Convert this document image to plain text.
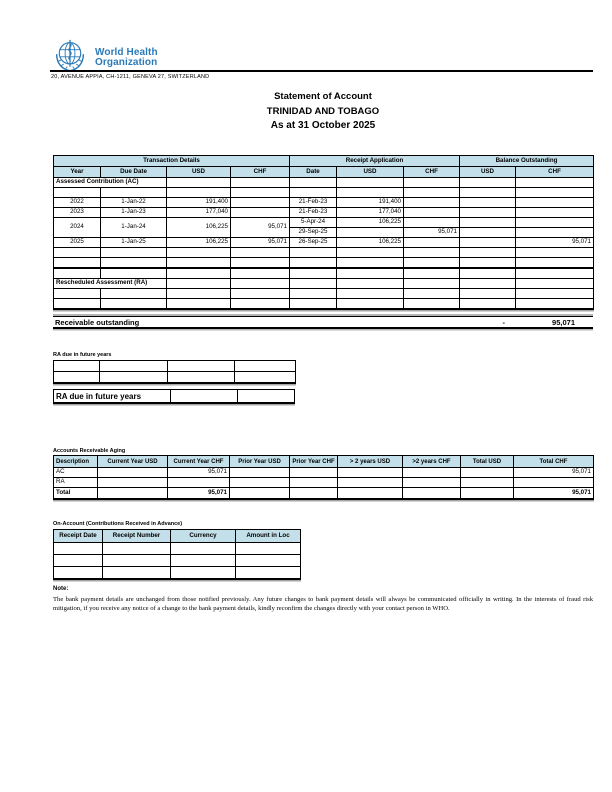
World Health
Organization
20, AVENUE APPIA, CH-1211, GENEVA 27, SWITZERLAND
Statement of Account
TRINIDAD AND TOBAGO
As at 31 October 2025
Transaction Details				Receipt Application			Balance Outstanding	
Year	Due Date	USD	CHF	Date	USD	CHF	USD	CHF
Assessed Contribution (AC)								

2022	1-Jan-22	191,400		21-Feb-23	191,400			
2023	1-Jan-23	177,040		21-Feb-23	177,040			
2024	1-Jan-24	106,225	95,071	5-Apr-24	106,225			
				29-Sep-25		95,071		
2025	1-Jan-25	106,225	95,071	26-Sep-25	106,225			95,071

Rescheduled Assessment (RA)								

Receivable outstanding	-	95,071
RA due in future years

RA due in future years
Accounts Receivable Aging
Description	Current Year USD	Current Year CHF	Prior Year USD	Prior Year CHF	> 2 years USD	>2 years CHF	Total USD	Total CHF
AC		95,071						95,071
RA								
Total		95,071						95,071
On-Account (Contributions Received in Advance)
Receipt Date	Receipt Number	Currency	Amount in Loc

Note:
The bank payment details are unchanged from those notified previously. Any future changes to bank payment details will always be communicated officially in writing. In the interests of fraud risk mitigation, if you receive any notice of a change to the bank payment details, kindly reconfirm the changes directly with your contact person in WHO.
